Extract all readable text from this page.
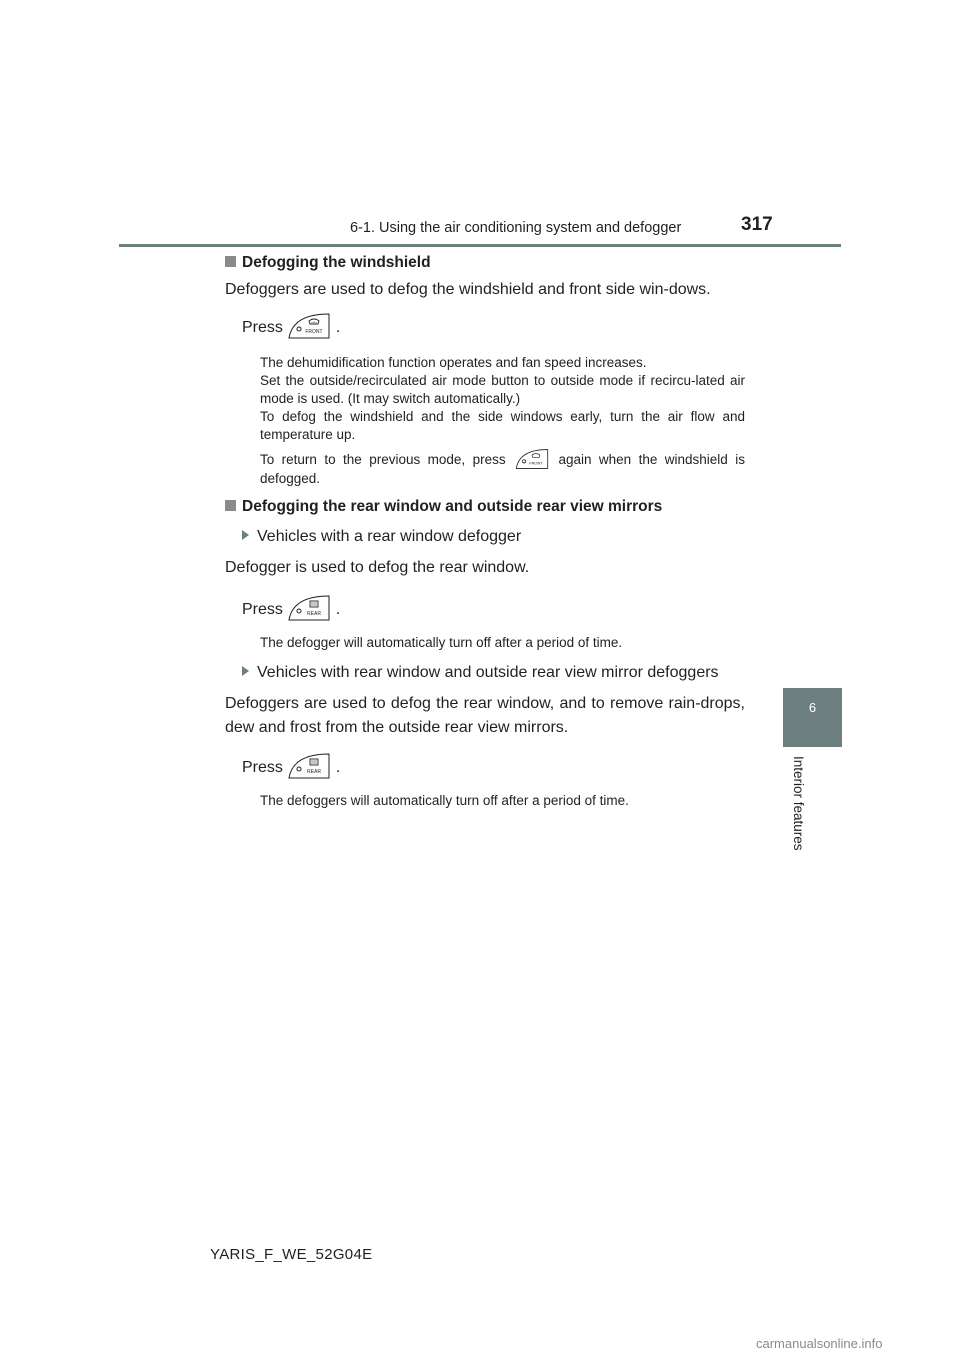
6-1. Using the air conditioning system and defogger	317
6
Interior features

Defogging the windshield

Defoggers are used to defog the windshield and front side win-dows.

Press	FRONT .
The dehumidification function operates and fan speed increases.
Set the outside/recirculated air mode button to outside mode if recircu-lated air mode is used. (It may switch automatically.)
To defog the windshield and the side windows early, turn the air flow and temperature up.
To return to the previous mode, press	FRONT again when the windshield is defogged.

Defogging the rear window and outside rear view mirrors

Vehicles with a rear window defogger

Defogger is used to defog the rear window.

Press	REAR .
The defogger will automatically turn off after a period of time.
Vehicles with rear window and outside rear view mirror defoggers

Defoggers are used to defog the rear window, and to remove rain-drops, dew and frost from the outside rear view mirrors.

Press	REAR .
The defoggers will automatically turn off after a period of time.
YARIS_F_WE_52G04E
carmanualsonline.info
